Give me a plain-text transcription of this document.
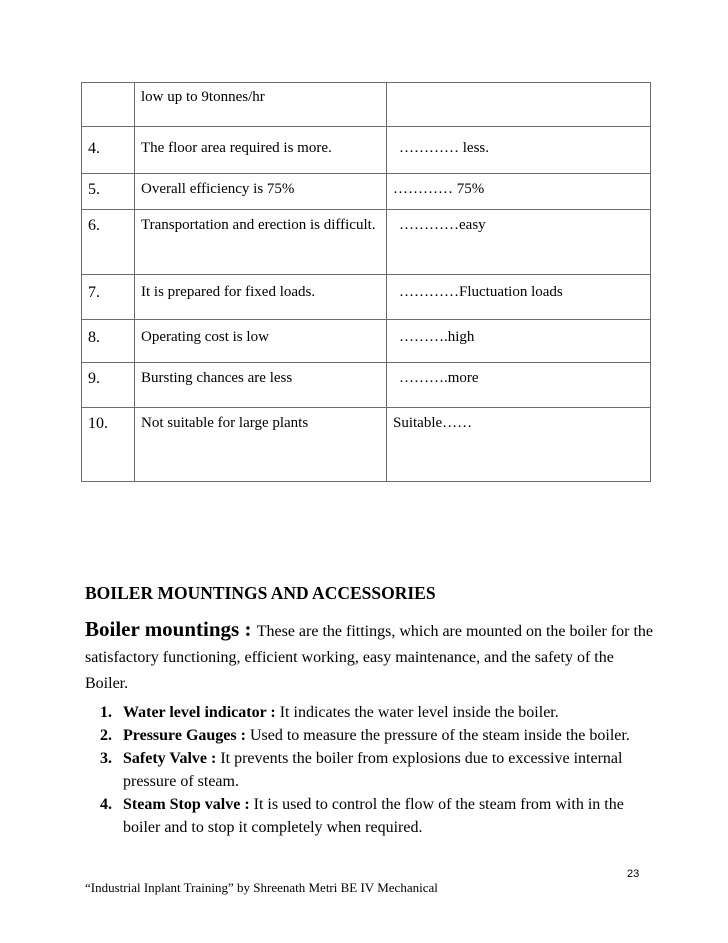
	low up to 9tonnes/hr	
4.	The floor area required is more.	………… less.
5.	Overall efficiency is 75%	………… 75%
6.	Transportation and erection is difficult.	…………easy
7.	It is prepared for fixed loads.	…………Fluctuation loads
8.	Operating cost is low	……….high
9.	Bursting chances are less	……….more
10.	Not suitable for large plants	Suitable……
BOILER MOUNTINGS AND ACCESSORIES

Boiler mountings : These are the fittings, which are mounted on the boiler for the satisfactory functioning, efficient working, easy maintenance, and the safety of the Boiler.

1. Water level indicator : It indicates the water level inside the boiler.
2. Pressure Gauges : Used to measure the pressure of the steam inside the boiler.
3. Safety Valve : It prevents the boiler from explosions due to excessive internal pressure of steam.
4. Steam Stop valve : It is used to control the flow of the steam from with in the boiler and to stop it completely when required.
23
“Industrial Inplant Training” by Shreenath Metri BE IV Mechanical
